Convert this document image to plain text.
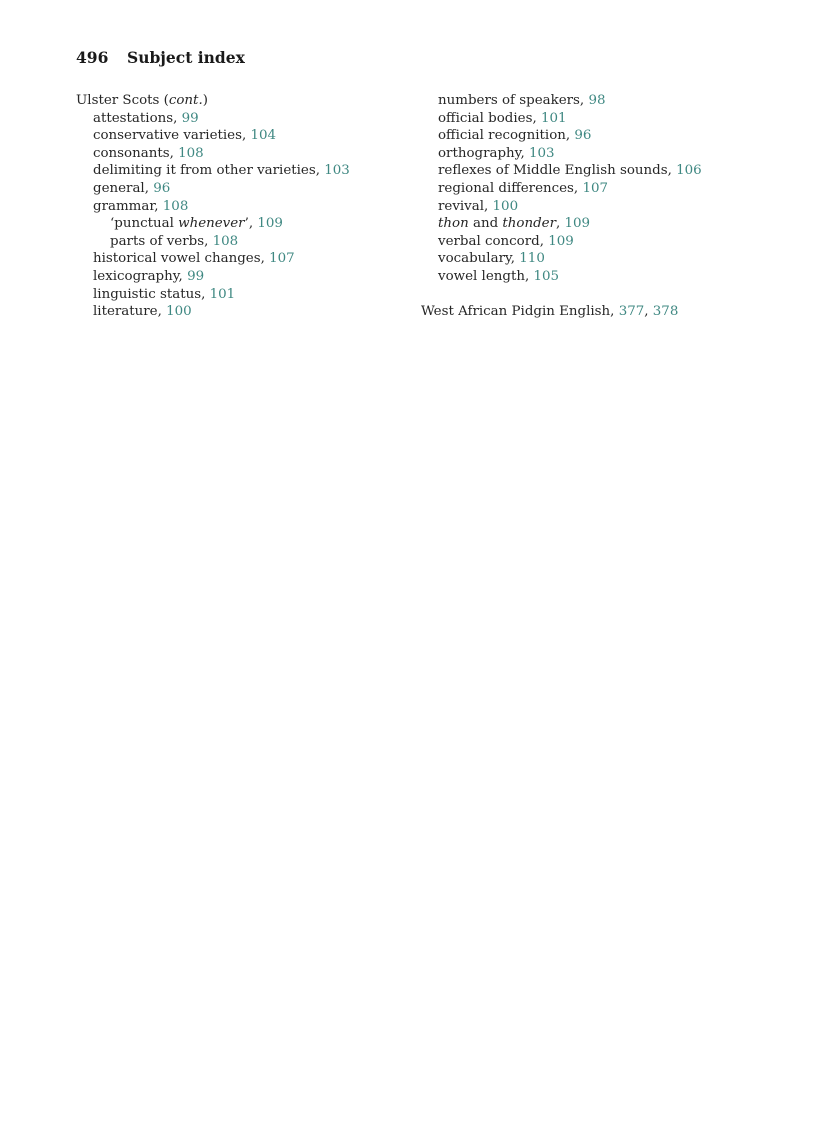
496 Subject index

Ulster Scots (cont.)

attestations, 99

conservative varieties, 104

consonants, 108

delimiting it from other varieties, 103

general, 96

grammar, 108

‘punctual whenever’, 109

parts of verbs, 108

historical vowel changes, 107

lexicography, 99

linguistic status, 101

literature, 100

numbers of speakers, 98

official bodies, 101

official recognition, 96

orthography, 103

reflexes of Middle English sounds, 106

regional differences, 107

revival, 100

thon and thonder, 109

verbal concord, 109

vocabulary, 110

vowel length, 105

West African Pidgin English, 377, 378
